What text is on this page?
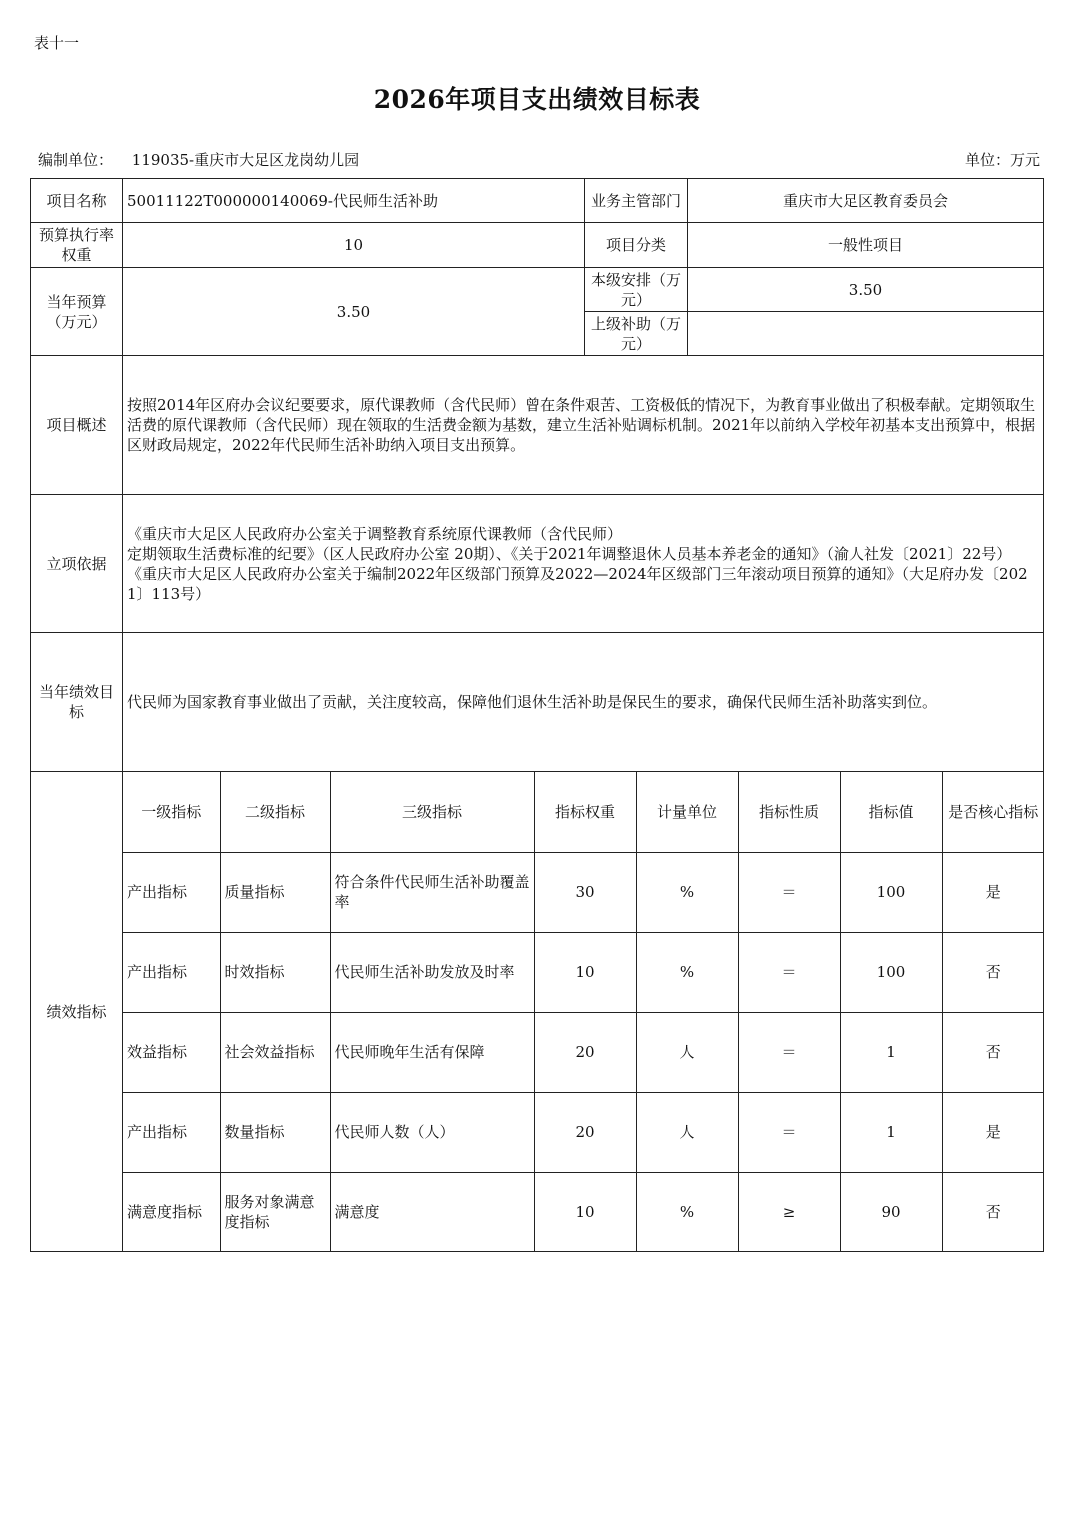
表十一
2026年项目支出绩效目标表
编制单位： 119035-重庆市大足区龙岗幼儿园	单位：万元
项目名称	50011122T000000140069-代民师生活补助	业务主管部门	重庆市大足区教育委员会
预算执行率权重	10	项目分类	一般性项目
当年预算（万元）	3.50	本级安排（万元）	3.50
上级补助（万元）	
项目概述	按照2014年区府办会议纪要要求，原代课教师（含代民师）曾在条件艰苦、工资极低的情况下，为教育事业做出了积极奉献。定期领取生活费的原代课教师（含代民师）现在领取的生活费金额为基数，建立生活补贴调标机制。2021年以前纳入学校年初基本支出预算中，根据区财政局规定，2022年代民师生活补助纳入项目支出预算。
立项依据	
《重庆市大足区人民政府办公室关于调整教育系统原代课教师（含代民师）
定期领取生活费标准的纪要》（区人民政府办公室 20期）、《关于2021年调整退休人员基本养老金的通知》（渝人社发〔2021〕22号）
《重庆市大足区人民政府办公室关于编制2022年区级部门预算及2022—2024年区级部门三年滚动项目预算的通知》（大足府办发〔2021〕113号）

当年绩效目标	代民师为国家教育事业做出了贡献，关注度较高，保障他们退休生活补助是保民生的要求，确保代民师生活补助落实到位。
绩效指标	
一级指标	二级指标	三级指标	指标权重	计量单位	指标性质	指标值	是否核心指标
产出指标	质量指标	符合条件代民师生活补助覆盖率	30	%	＝	100	是
产出指标	时效指标	代民师生活补助发放及时率	10	%	＝	100	否
效益指标	社会效益指标	代民师晚年生活有保障	20	人	＝	1	否
产出指标	数量指标	代民师人数（人）	20	人	＝	1	是
满意度指标	服务对象满意度指标	满意度	10	%	≥	90	否
